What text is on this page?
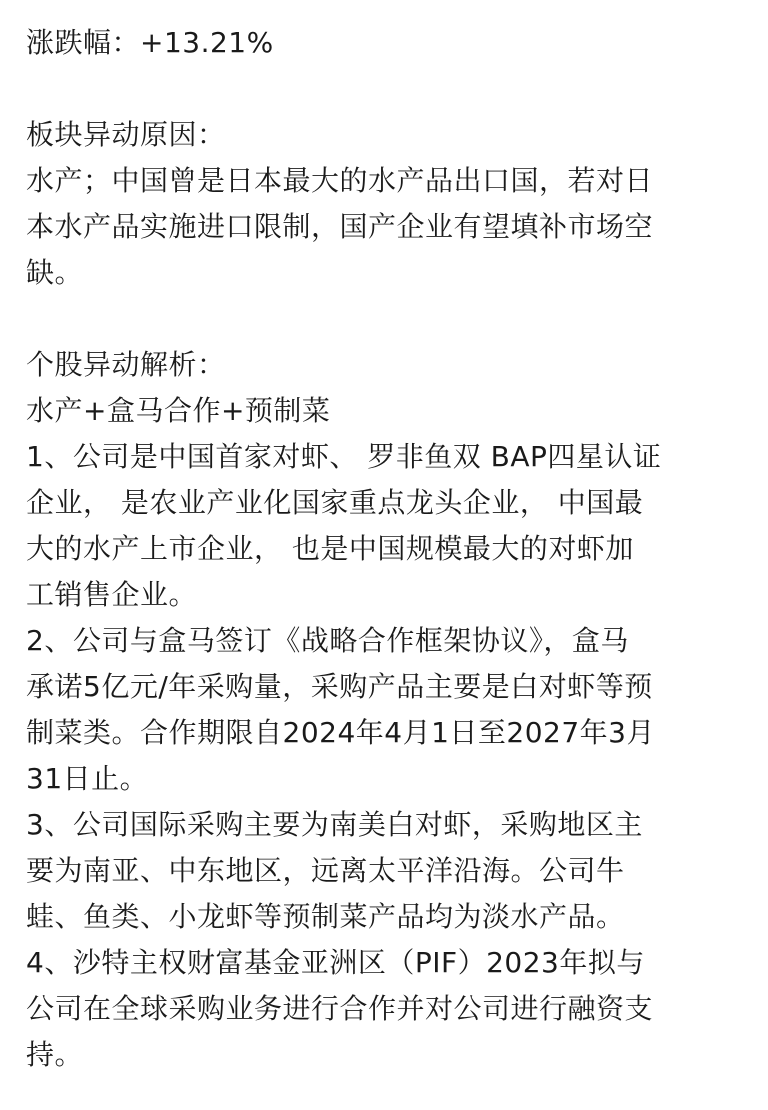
涨跌幅：+13.21%

板块异动原因：

水产；中国曾是日本最大的水产品出口国，若对日

本水产品实施进口限制，国产企业有望填补市场空

缺。

个股异动解析：

水产+盒马合作+预制菜

1、公司是中国首家对虾、 罗非鱼双 BAP四星认证

企业， 是农业产业化国家重点龙头企业， 中国最

大的水产上市企业， 也是中国规模最大的对虾加

工销售企业。

2、公司与盒马签订《战略合作框架协议》，盒马

承诺5亿元/年采购量，采购产品主要是白对虾等预

制菜类。合作期限自2024年4月1日至2027年3月

31日止。

3、公司国际采购主要为南美白对虾，采购地区主

要为南亚、中东地区，远离太平洋沿海。公司牛

蛙、鱼类、小龙虾等预制菜产品均为淡水产品。

4、沙特主权财富基金亚洲区（PIF）2023年拟与

公司在全球采购业务进行合作并对公司进行融资支

持。
